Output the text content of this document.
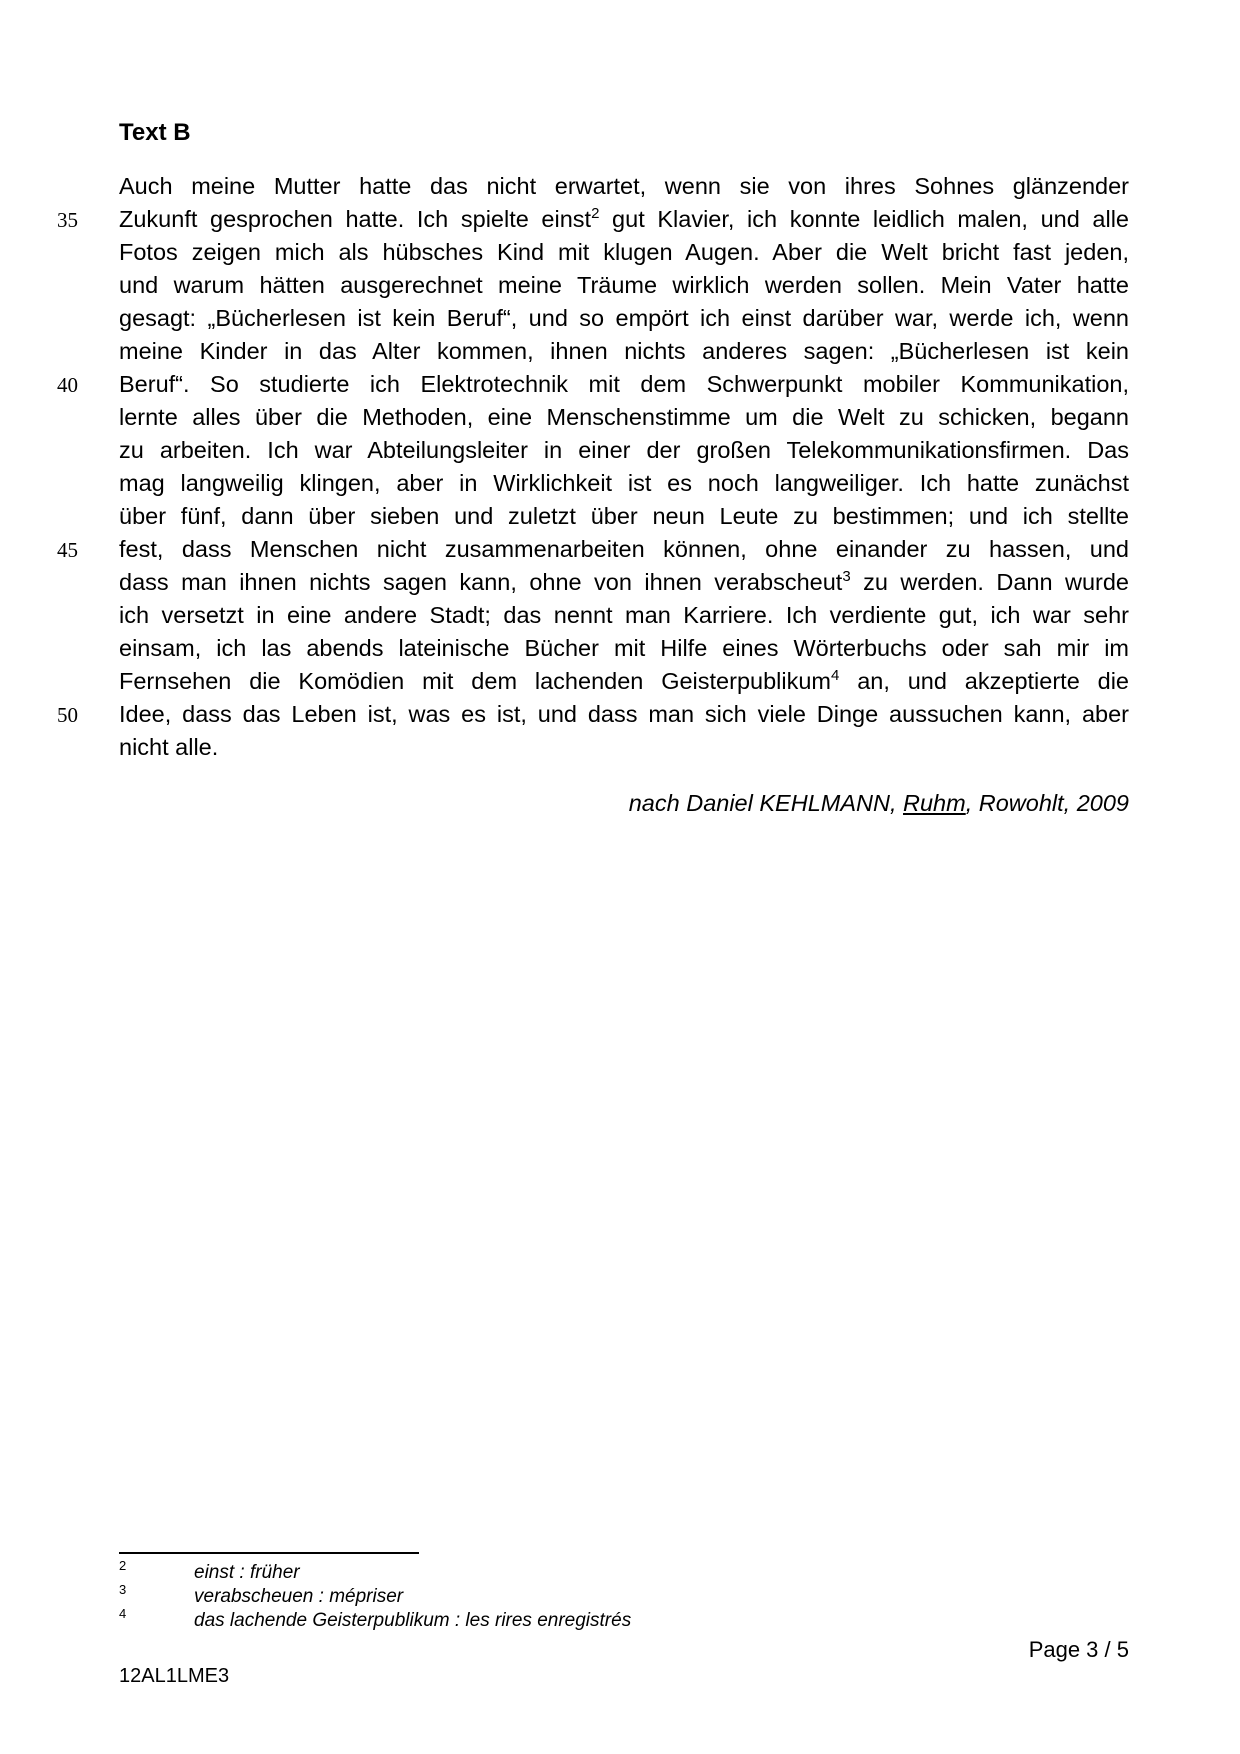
Text B
Auch meine Mutter hatte das nicht erwartet, wenn sie von ihres Sohnes glänzender
35 Zukunft gesprochen hatte. Ich spielte einst$^2$ gut Klavier, ich konnte leidlich malen, und alle
Fotos zeigen mich als hübsches Kind mit klugen Augen. Aber die Welt bricht fast jeden,
und warum hätten ausgerechnet meine Träume wirklich werden sollen. Mein Vater hatte
gesagt: „Bücherlesen ist kein Beruf“, und so empört ich einst darüber war, werde ich, wenn
meine Kinder in das Alter kommen, ihnen nichts anderes sagen: „Bücherlesen ist kein
40 Beruf“. So studierte ich Elektrotechnik mit dem Schwerpunkt mobiler Kommunikation,
lernte alles über die Methoden, eine Menschenstimme um die Welt zu schicken, begann
zu arbeiten. Ich war Abteilungsleiter in einer der großen Telekommunikationsfirmen. Das
mag langweilig klingen, aber in Wirklichkeit ist es noch langweiliger. Ich hatte zunächst
über fünf, dann über sieben und zuletzt über neun Leute zu bestimmen; und ich stellte
45 fest, dass Menschen nicht zusammenarbeiten können, ohne einander zu hassen, und
dass man ihnen nichts sagen kann, ohne von ihnen verabscheut$^3$ zu werden. Dann wurde
ich versetzt in eine andere Stadt; das nennt man Karriere. Ich verdiente gut, ich war sehr
einsam, ich las abends lateinische Bücher mit Hilfe eines Wörterbuchs oder sah mir im
Fernsehen die Komödien mit dem lachenden Geisterpublikum$^4$ an, und akzeptierte die
50 Idee, dass das Leben ist, was es ist, und dass man sich viele Dinge aussuchen kann, aber
nicht alle.

nach Daniel KEHLMANN, Ruhm, Rowohlt, 2009

2	einst : früher
3	verabscheuen : mépriser
4	das lachende Geisterpublikum : les rires enregistrés

Page 3 / 5

12AL1LME3
